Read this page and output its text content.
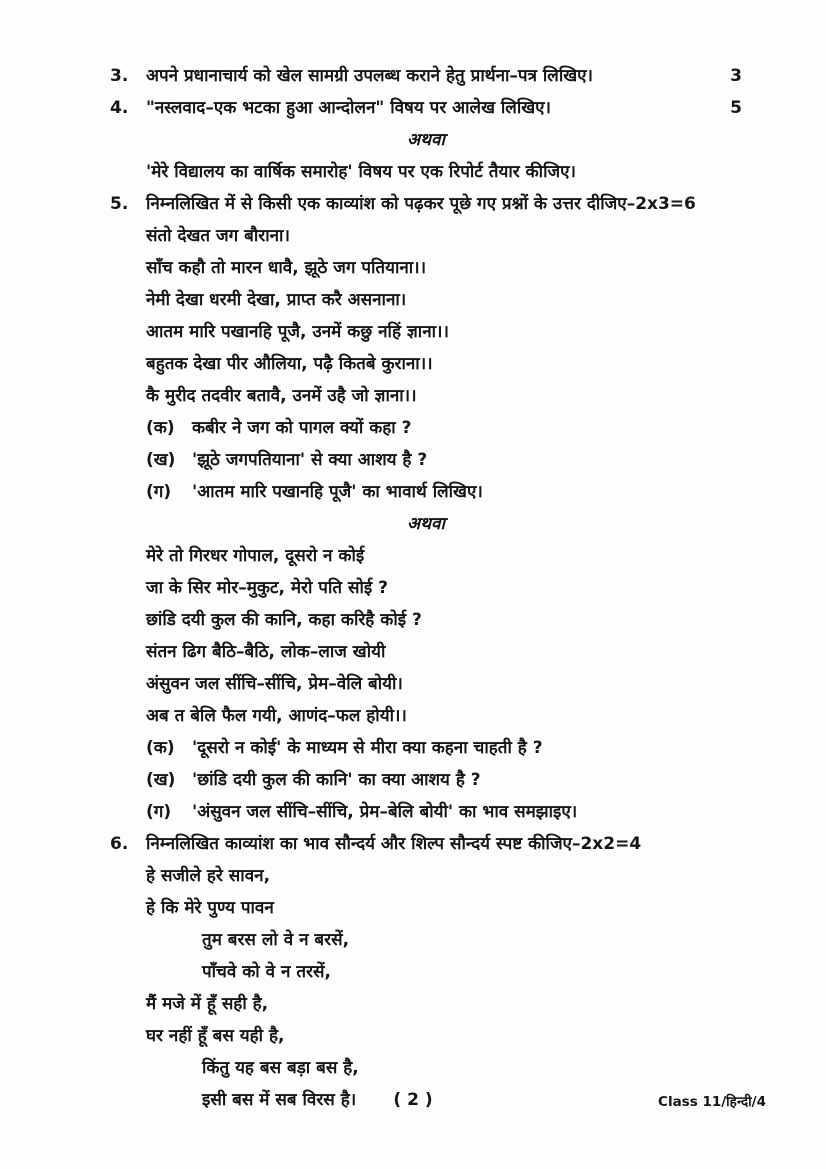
3.	अपने प्रधानाचार्य को खेल सामग्री उपलब्ध कराने हेतु प्रार्थना–पत्र लिखिए।	3
4.	"नस्लवाद–एक भटका हुआ आन्दोलन" विषय पर आलेख लिखिए।	5
अथवा
'मेरे विद्यालय का वार्षिक समारोह' विषय पर एक रिपोर्ट तैयार कीजिए।
5.	निम्नलिखित में से किसी एक काव्यांश को पढ़कर पूछे गए प्रश्नों के उत्तर दीजिए–2x3=6
संतो देखत जग बौराना।
साँच कहौ तो मारन धावै, झूठे जग पतियाना।।
नेमी देखा धरमी देखा, प्राप्त करै असनाना।
आतम मारि पखानहि पूजै, उनमें कछु नहिं ज्ञाना।।
बहुतक देखा पीर औलिया, पढ़ै कितबे कुराना।।
कै मुरीद तदवीर बतावै, उनमें उहै जो ज्ञाना।।
(क)	कबीर ने जग को पागल क्यों कहा ?
(ख) 'झूठे जगपतियाना' से क्या आशय है ?
(ग)	'आतम मारि पखानहि पूजै' का भावार्थ लिखिए।
अथवा
मेरे तो गिरधर गोपाल, दूसरो न कोई
जा के सिर मोर–मुकुट, मेरो पति सोई ?
छांडि दयी कुल की कानि, कहा करिहै कोई ?
संतन ढिग बैठि–बैठि, लोक–लाज खोयी
अंसुवन जल सींचि–सींचि, प्रेम–वेलि बोयी।
अब त बेलि फैल गयी, आणंद–फल होयी।।
(क)	'दूसरो न कोई' के माध्यम से मीरा क्या कहना चाहती है ?
(ख) 'छांडि दयी कुल की कानि' का क्या आशय है ?
(ग)	'अंसुवन जल सींचि–सींचि, प्रेम–बेलि बोयी' का भाव समझाइए।
6.	निम्नलिखित काव्यांश का भाव सौन्दर्य और शिल्प सौन्दर्य स्पष्ट कीजिए–2x2=4
हे सजीले हरे सावन,
हे कि मेरे पुण्य पावन
तुम बरस लो वे न बरसें,
पाँचवे को वे न तरसें,
मैं मजे में हूँ सही है,
घर नहीं हूँ बस यही है,
किंतु यह बस बड़ा बस है,
इसी बस में सब विरस है।	( 2 )	Class 11/हिन्दी/4
